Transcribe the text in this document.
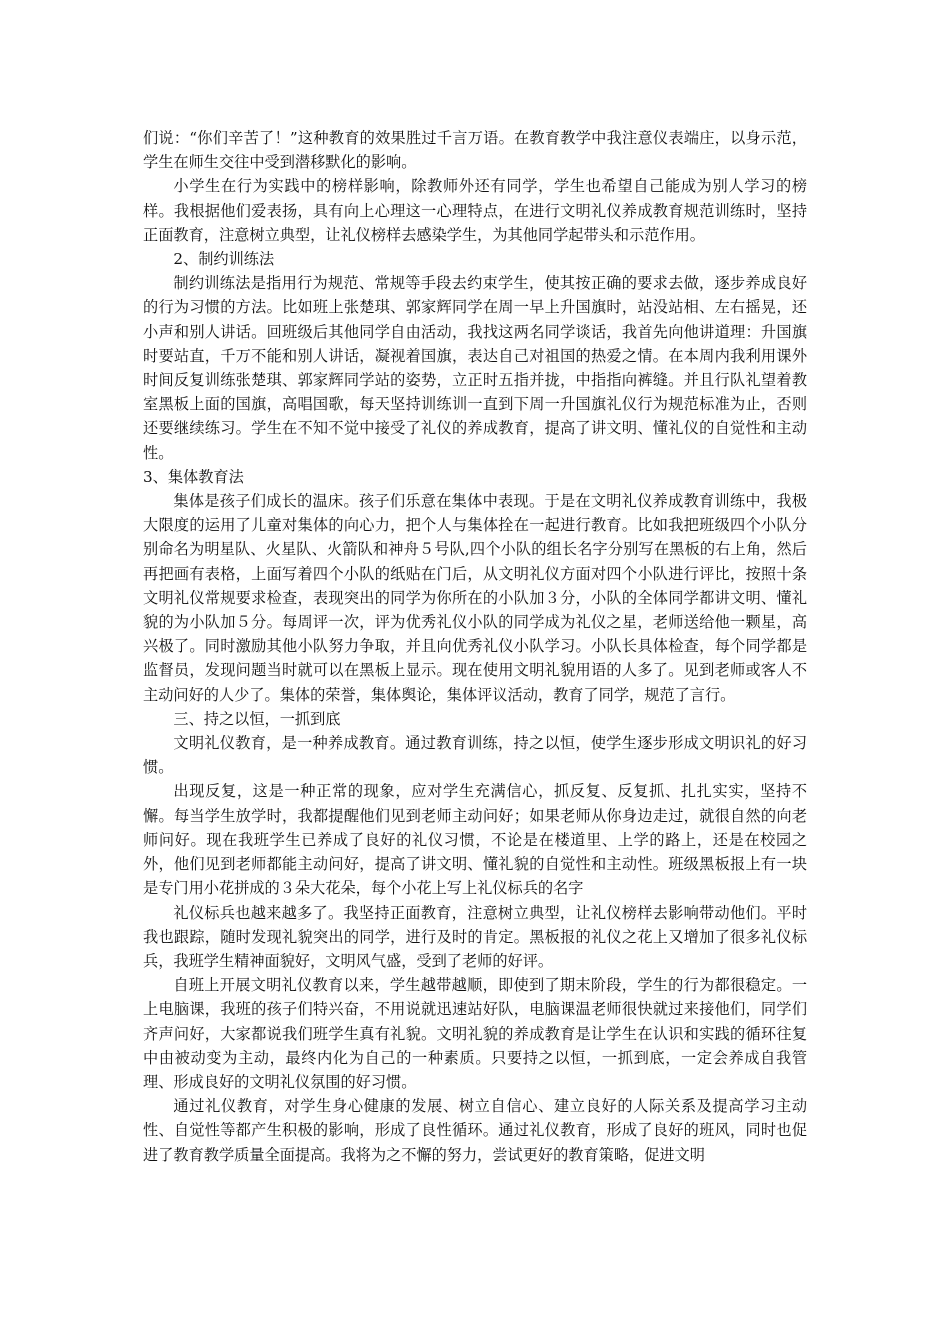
们说：“你们辛苦了！”这种教育的效果胜过千言万语。在教育教学中我注意仪表端庄，以身示范，学生在师生交往中受到潜移默化的影响。

小学生在行为实践中的榜样影响，除教师外还有同学，学生也希望自己能成为别人学习的榜样。我根据他们爱表扬，具有向上心理这一心理特点，在进行文明礼仪养成教育规范训练时，坚持正面教育，注意树立典型，让礼仪榜样去感染学生，为其他同学起带头和示范作用。

2、制约训练法

制约训练法是指用行为规范、常规等手段去约束学生，使其按正确的要求去做，逐步养成良好的行为习惯的方法。比如班上张楚琪、郭家辉同学在周一早上升国旗时，站没站相、左右摇晃，还小声和别人讲话。回班级后其他同学自由活动，我找这两名同学谈话，我首先向他讲道理：升国旗时要站直，千万不能和别人讲话，凝视着国旗，表达自己对祖国的热爱之情。在本周内我利用课外时间反复训练张楚琪、郭家辉同学站的姿势，立正时五指并拢，中指指向裤缝。并且行队礼望着教室黑板上面的国旗，高唱国歌，每天坚持训练训一直到下周一升国旗礼仪行为规范标准为止，否则还要继续练习。学生在不知不觉中接受了礼仪的养成教育，提高了讲文明、懂礼仪的自觉性和主动性。

3、集体教育法

集体是孩子们成长的温床。孩子们乐意在集体中表现。于是在文明礼仪养成教育训练中，我极大限度的运用了儿童对集体的向心力，把个人与集体拴在一起进行教育。比如我把班级四个小队分别命名为明星队、火星队、火箭队和神舟５号队,四个小队的组长名字分别写在黑板的右上角，然后再把画有表格，上面写着四个小队的纸贴在门后，从文明礼仪方面对四个小队进行评比，按照十条文明礼仪常规要求检查，表现突出的同学为你所在的小队加３分，小队的全体同学都讲文明、懂礼貌的为小队加５分。每周评一次，评为优秀礼仪小队的同学成为礼仪之星，老师送给他一颗星，高兴极了。同时激励其他小队努力争取，并且向优秀礼仪小队学习。小队长具体检查，每个同学都是监督员，发现问题当时就可以在黑板上显示。现在使用文明礼貌用语的人多了。见到老师或客人不主动问好的人少了。集体的荣誉，集体舆论，集体评议活动，教育了同学，规范了言行。

三、持之以恒，一抓到底

文明礼仪教育，是一种养成教育。通过教育训练，持之以恒，使学生逐步形成文明识礼的好习惯。

出现反复，这是一种正常的现象，应对学生充满信心，抓反复、反复抓、扎扎实实，坚持不懈。每当学生放学时，我都提醒他们见到老师主动问好；如果老师从你身边走过，就很自然的向老师问好。现在我班学生已养成了良好的礼仪习惯，不论是在楼道里、上学的路上，还是在校园之外，他们见到老师都能主动问好，提高了讲文明、懂礼貌的自觉性和主动性。班级黑板报上有一块是专门用小花拼成的３朵大花朵，每个小花上写上礼仪标兵的名字

礼仪标兵也越来越多了。我坚持正面教育，注意树立典型，让礼仪榜样去影响带动他们。平时我也跟踪，随时发现礼貌突出的同学，进行及时的肯定。黑板报的礼仪之花上又增加了很多礼仪标兵，我班学生精神面貌好，文明风气盛，受到了老师的好评。

自班上开展文明礼仪教育以来，学生越带越顺，即使到了期末阶段，学生的行为都很稳定。一上电脑课，我班的孩子们特兴奋，不用说就迅速站好队，电脑课温老师很快就过来接他们，同学们齐声问好，大家都说我们班学生真有礼貌。文明礼貌的养成教育是让学生在认识和实践的循环往复中由被动变为主动，最终内化为自己的一种素质。只要持之以恒，一抓到底，一定会养成自我管理、形成良好的文明礼仪氛围的好习惯。

通过礼仪教育，对学生身心健康的发展、树立自信心、建立良好的人际关系及提高学习主动性、自觉性等都产生积极的影响，形成了良性循环。通过礼仪教育，形成了良好的班风，同时也促进了教育教学质量全面提高。我将为之不懈的努力，尝试更好的教育策略，促进文明
